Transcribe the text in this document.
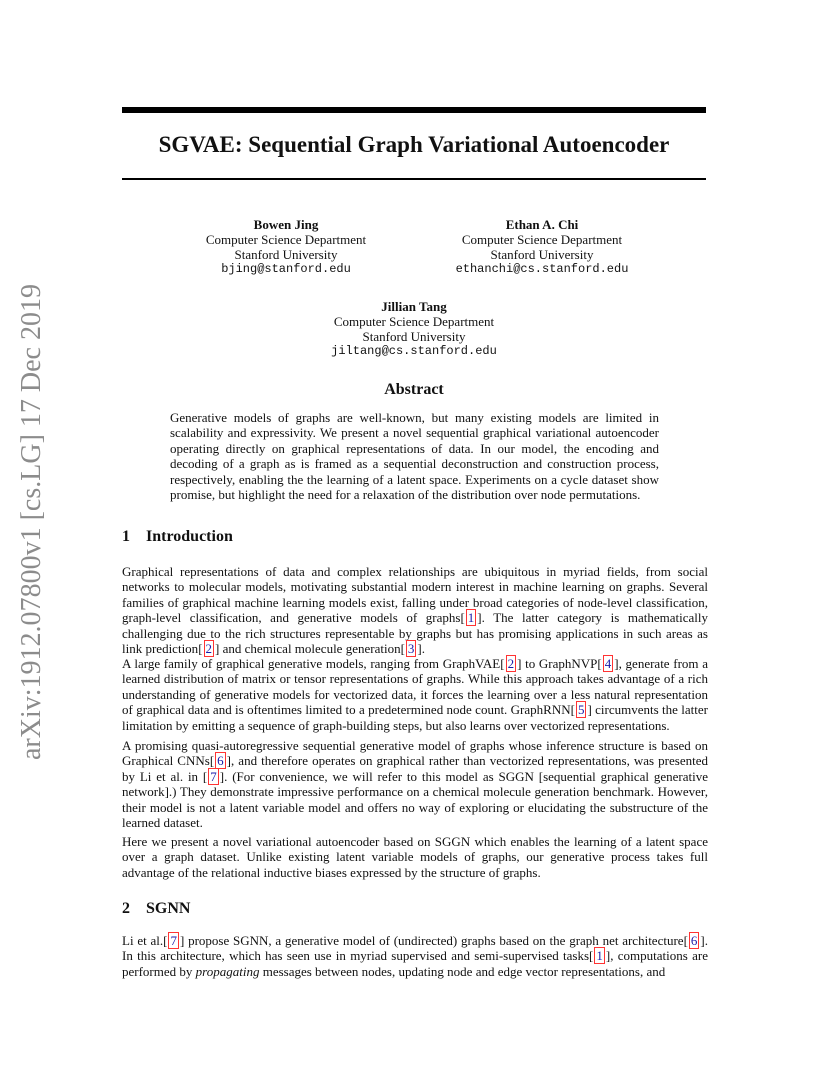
SGVAE: Sequential Graph Variational Autoencoder
arXiv:1912.07800v1 [cs.LG] 17 Dec 2019
Bowen Jing
Computer Science Department
Stanford University
bjing@stanford.edu
Ethan A. Chi
Computer Science Department
Stanford University
ethanchi@cs.stanford.edu
Jillian Tang
Computer Science Department
Stanford University
jiltang@cs.stanford.edu
Abstract

Generative models of graphs are well-known, but many existing models are limited in scalability and expressivity. We present a novel sequential graphical variational autoencoder operating directly on graphical representations of data. In our model, the encoding and decoding of a graph as is framed as a sequential deconstruction and construction process, respectively, enabling the the learning of a latent space. Experiments on a cycle dataset show promise, but highlight the need for a relaxation of the distribution over node permutations.

1 Introduction

Graphical representations of data and complex relationships are ubiquitous in myriad fields, from social networks to molecular models, motivating substantial modern interest in machine learning on graphs. Several families of graphical machine learning models exist, falling under broad categories of node-level classification, graph-level classification, and generative models of graphs[ 1 ]. The latter category is mathematically challenging due to the rich structures representable by graphs but has promising applications in such areas as link prediction[ 2 ] and chemical molecule generation[ 3 ].

A large family of graphical generative models, ranging from GraphVAE[ 2 ] to GraphNVP[ 4 ], generate from a learned distribution of matrix or tensor representations of graphs. While this approach takes advantage of a rich understanding of generative models for vectorized data, it forces the learning over a less natural representation of graphical data and is oftentimes limited to a predetermined node count. GraphRNN[ 5 ] circumvents the latter limitation by emitting a sequence of graph-building steps, but also learns over vectorized representations.

A promising quasi-autoregressive sequential generative model of graphs whose inference structure is based on Graphical CNNs[ 6 ], and therefore operates on graphical rather than vectorized representations, was presented by Li et al. in [ 7 ]. (For convenience, we will refer to this model as SGGN [sequential graphical generative network].) They demonstrate impressive performance on a chemical molecule generation benchmark. However, their model is not a latent variable model and offers no way of exploring or elucidating the substructure of the learned dataset.

Here we present a novel variational autoencoder based on SGGN which enables the learning of a latent space over a graph dataset. Unlike existing latent variable models of graphs, our generative process takes full advantage of the relational inductive biases expressed by the structure of graphs.

2 SGNN

Li et al.[ 7 ] propose SGNN, a generative model of (undirected) graphs based on the graph net architecture[ 6 ]. In this architecture, which has seen use in myriad supervised and semi-supervised tasks[ 1 ], computations are performed by propagating messages between nodes, updating node and edge vector representations, and
